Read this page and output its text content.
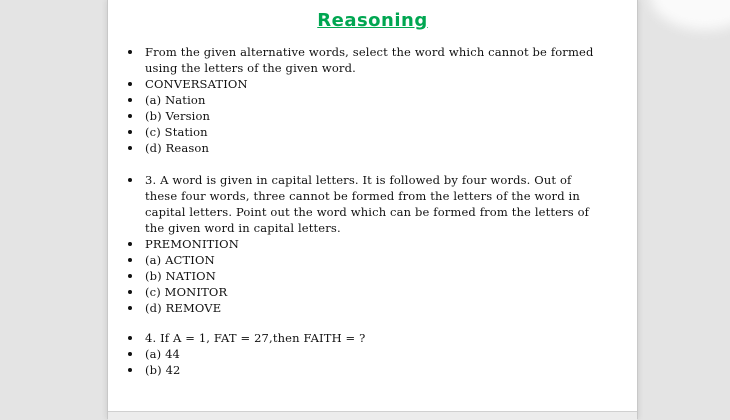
Reasoning
From the given alternative words, select the word which cannot be formed using the letters of the given word.
CONVERSATION
(a) Nation
(b) Version
(c) Station
(d) Reason
3. A word is given in capital letters. It is followed by four words. Out of these four words, three cannot be formed from the letters of the word in capital letters. Point out the word which can be formed from the letters of the given word in capital letters.
PREMONITION
(a) ACTION
(b) NATION
(c) MONITOR
(d) REMOVE
4. If A = 1, FAT = 27,then FAITH = ?
(a) 44
(b) 42
